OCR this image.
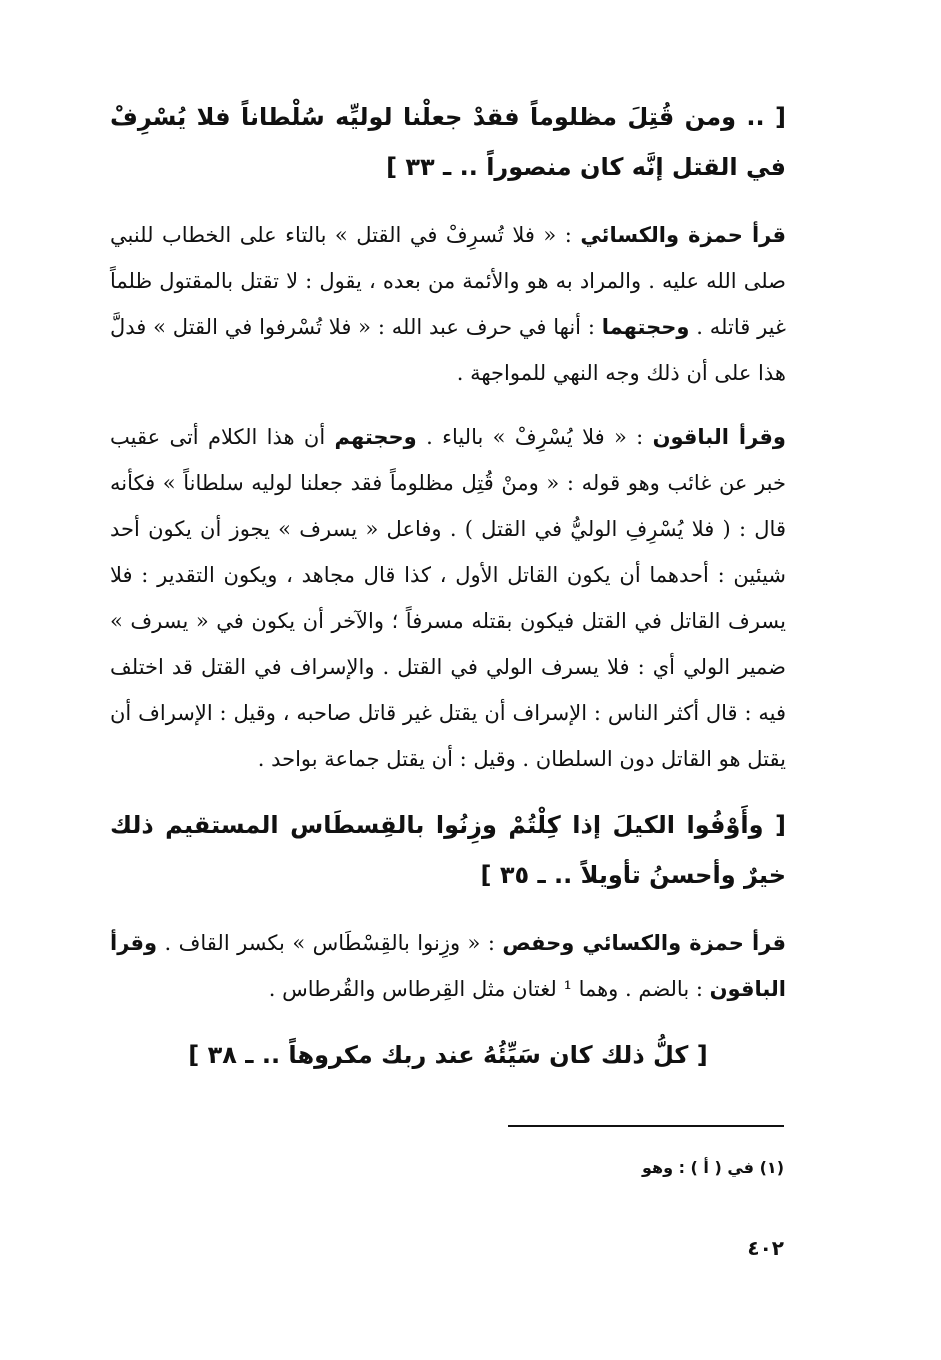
[ .. ومن قُتِلَ مظلوماً فقدْ جعلْنا لوليِّه سُلْطاناً فلا يُسْرِفْ في القتل إنَّه كان منصوراً .. ـ ٣٣ ]

قرأ حمزة والكسائي : « فلا تُسرِفْ في القتل » بالتاء على الخطاب للنبي صلى الله عليه . والمراد به هو والأئمة من بعده ، يقول : لا تقتل بالمقتول ظلماً غير قاتله . وحجتهما : أنها في حرف عبد الله : « فلا تُسْرفوا في القتل » فدلَّ هذا على أن ذلك وجه النهي للمواجهة .

وقرأ الباقون : « فلا يُسْرِفْ » بالياء . وحجتهم أن هذا الكلام أتى عقيب خبر عن غائب وهو قوله : « ومنْ قُتِل مظلوماً فقد جعلنا لوليه سلطاناً » فكأنه قال : ( فلا يُسْرِفِ الوليُّ في القتل ) . وفاعل « يسرف » يجوز أن يكون أحد شيئين : أحدهما أن يكون القاتل الأول ، كذا قال مجاهد ، ويكون التقدير : فلا يسرف القاتل في القتل فيكون بقتله مسرفاً ؛ والآخر أن يكون في « يسرف » ضمير الولي أي : فلا يسرف الولي في القتل . والإسراف في القتل قد اختلف فيه : قال أكثر الناس : الإسراف أن يقتل غير قاتل صاحبه ، وقيل : الإسراف أن يقتل هو القاتل دون السلطان . وقيل : أن يقتل جماعة بواحد .

[ وأَوْفُوا الكيلَ إذا كِلْتُمْ وزِنُوا بالقِسطَاس المستقيم ذلك خيرٌ وأحسنُ تأويلاً .. ـ ٣٥ ]

قرأ حمزة والكسائي وحفص : « وزِنوا بالقِسْطَاس » بكسر القاف . وقرأ الباقون : بالضم . وهما ¹ لغتان مثل القِرطاس والقُرطاس .

[ كلُّ ذلك كان سَيِّئُهُ عند ربك مكروهاً .. ـ ٣٨ ]

(١) في ( أ ) : وهو
٤٠٢
